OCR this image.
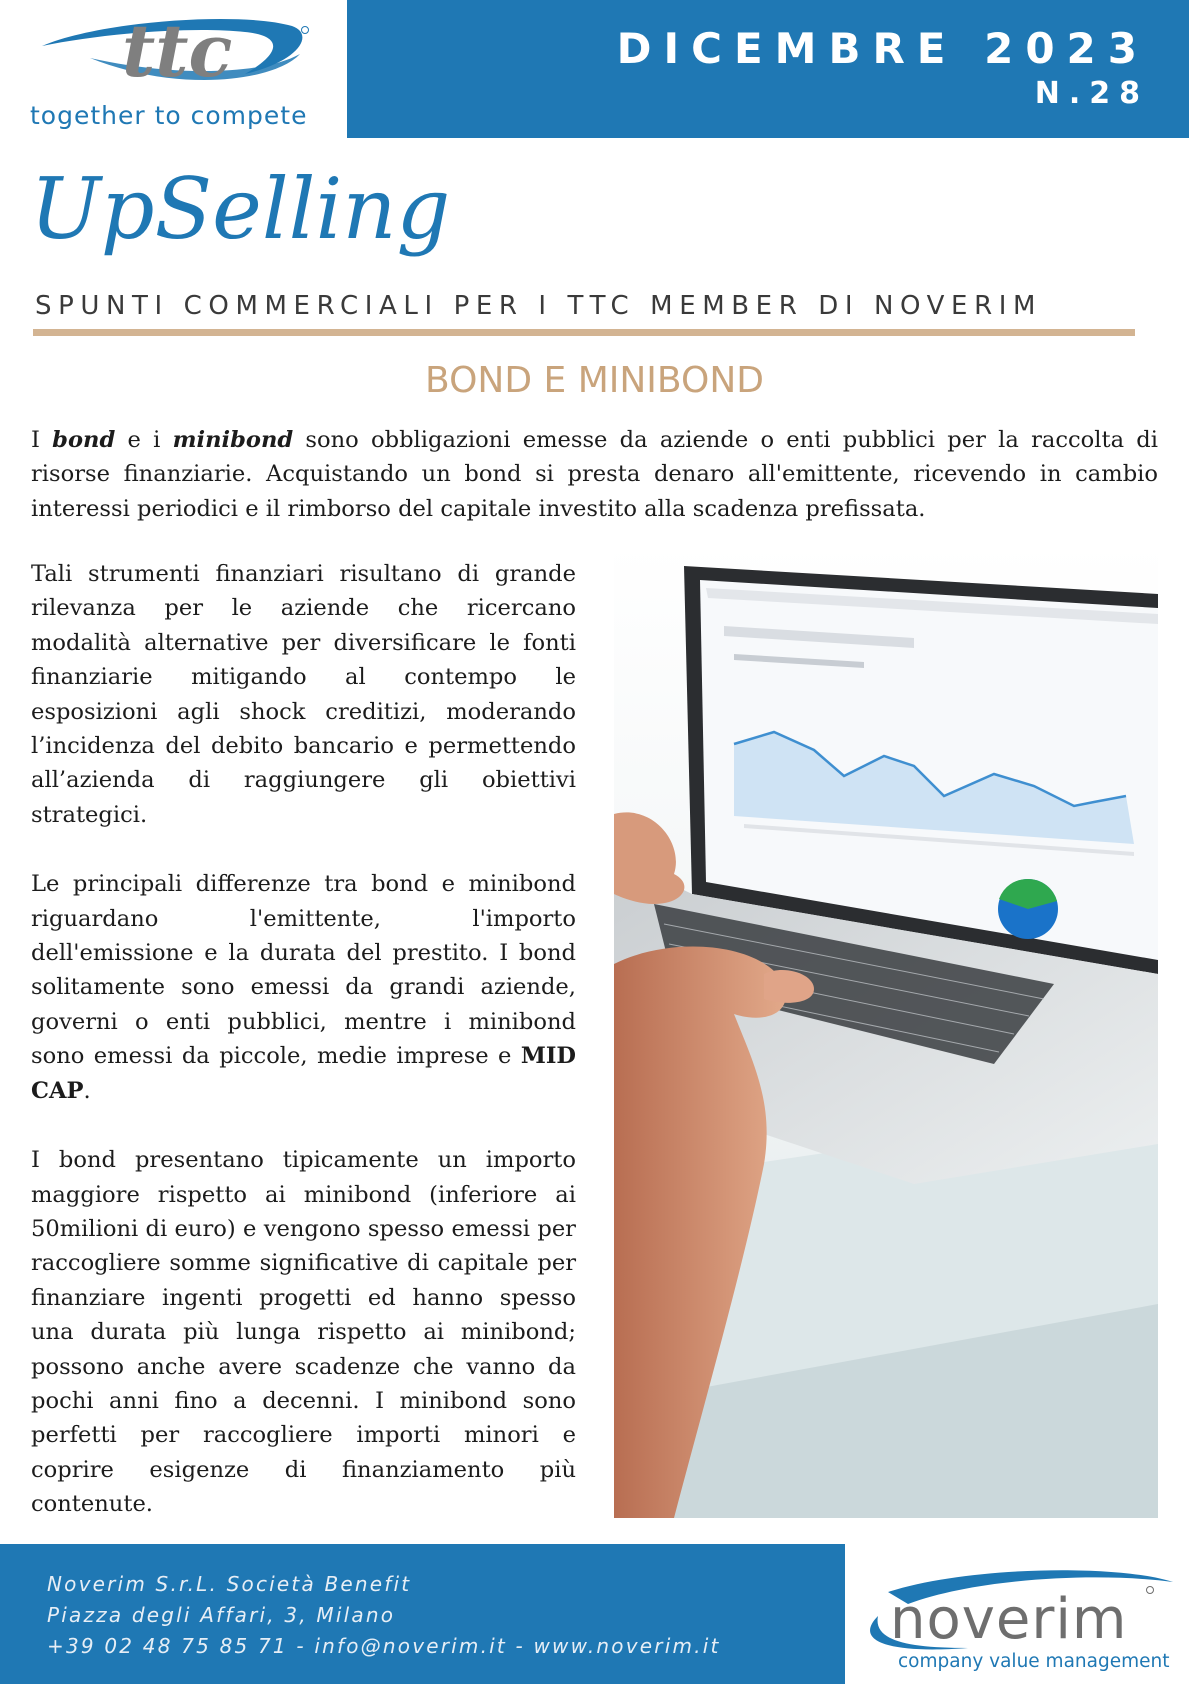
ttc
together to compete
DICEMBRE 2023
N.28
UpSelling
SPUNTI COMMERCIALI PER I TTC MEMBER DI NOVERIM
BOND E MINIBOND
I bond e i minibond sono obbligazioni emesse da aziende o enti pubblici per la raccolta di risorse finanziarie. Acquistando un bond si presta denaro all'emittente, ricevendo in cambio interessi periodici e il rimborso del capitale investito alla scadenza prefissata.

Tali strumenti finanziari risultano di grande rilevanza per le aziende che ricercano modalità alternative per diversificare le fonti finanziarie mitigando al contempo le esposizioni agli shock creditizi, moderando l’incidenza del debito bancario e permettendo all’azienda di raggiungere gli obiettivi strategici.

Le principali differenze tra bond e minibond riguardano l'emittente, l'importo dell'emissione e la durata del prestito. I bond solitamente sono emessi da grandi aziende, governi o enti pubblici, mentre i minibond sono emessi da piccole, medie imprese e MID CAP.

I bond presentano tipicamente un importo maggiore rispetto ai minibond (inferiore ai 50milioni di euro) e vengono spesso emessi per raccogliere somme significative di capitale per finanziare ingenti progetti ed hanno spesso una durata più lunga rispetto ai minibond; possono anche avere scadenze che vanno da pochi anni fino a decenni. I minibond sono perfetti per raccogliere importi minori e coprire esigenze di finanziamento più contenute.

Noverim S.r.L. Società Benefit
Piazza degli Affari, 3, Milano
+39 02 48 75 85 71 - info@noverim.it - www.noverim.it	noverim
company value management
